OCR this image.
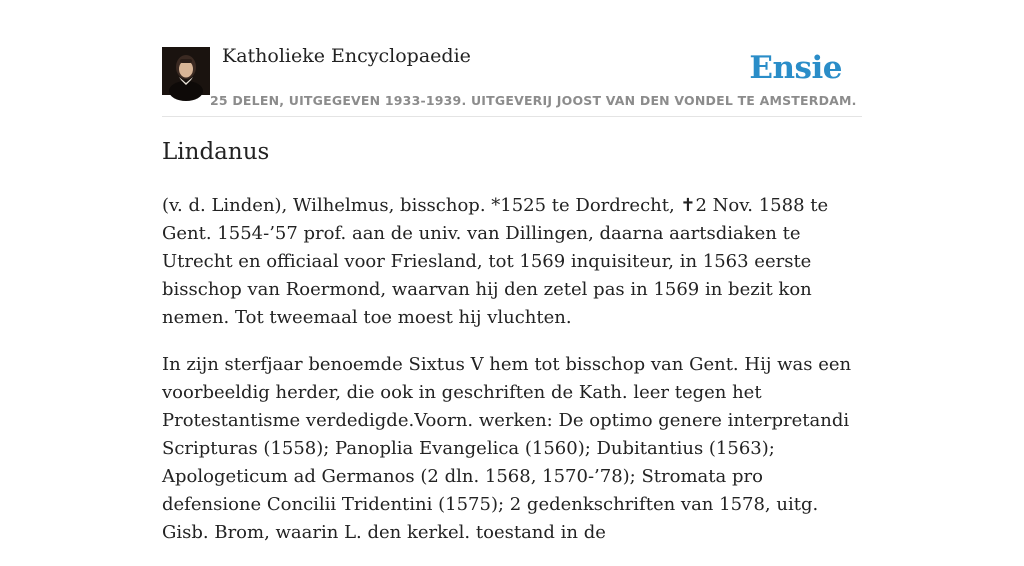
Katholieke Encyclopaedie	Ensie
25 DELEN, UITGEGEVEN 1933-1939. UITGEVERIJ JOOST VAN DEN VONDEL TE AMSTERDAM.
Lindanus

(v. d. Linden), Wilhelmus, bisschop. *1525 te Dordrecht, ✝2 Nov. 1588 te Gent. 1554-’57 prof. aan de univ. van Dillingen, daarna aartsdiaken te Utrecht en officiaal voor Friesland, tot 1569 inquisiteur, in 1563 eerste bisschop van Roermond, waarvan hij den zetel pas in 1569 in bezit kon nemen. Tot tweemaal toe moest hij vluchten.

In zijn sterfjaar benoemde Sixtus V hem tot bisschop van Gent. Hij was een voorbeeldig herder, die ook in geschriften de Kath. leer tegen het Protestantisme verdedigde.Voorn. werken: De optimo genere interpretandi Scripturas (1558); Panoplia Evangelica (1560); Dubitantius (1563); Apologeticum ad Germanos (2 dln. 1568, 1570-’78); Stromata pro defensione Concilii Tridentini (1575); 2 gedenkschriften van 1578, uitg. Gisb. Brom, waarin L. den kerkel. toestand in de
